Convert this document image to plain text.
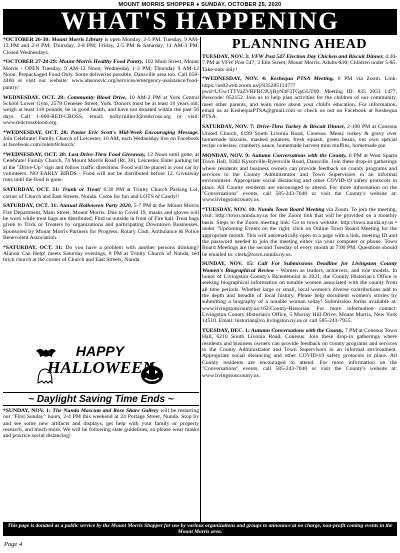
MOUNT MORRIS SHOPPER ♦ SUNDAY, OCTOBER 25, 2020
WHAT'S HAPPENING
*OCTOBER 26-30: Mount Morris Library is open Monday, 2-5 PM, Tuesday, 9 AM-12 PM and 2-8 PM; Thursday, 2-8 PM; Friday, 2-5 PM & Saturday, 11 AM-3 PM. Closed Wednesdays.
*OCTOBER 27-28-29: Mount Morris Healthy Food Pantry, 102 Main Street, Mount Morris - OPEN Tuesday, 9 AM-12 Noon; Wednesday 1-3 PM; Thursday 9 AM-12 Noon. Prepackaged Food Only. Some deliveries possible, Dansville area too. Call 658-4466 or visit our website: www.absonsvlc.org/services/emergency-assistance/food-pantry/
WEDNESDAY, OCT. 28: Community Blood Drive, 10 AM-2 PM at York Central School Lower Gym, 2578 Genesee Street, York. Donors must be at least 16 years old, weigh at least 110 pounds, be in good health, and have not donated within the past 56 days. Call 1-800-RED-CROSS, email: holly.miller3@redcross.org or visit: www.redcrossblood.org.
*WEDNESDAY, OCT. 28: Pastor Eric Scott's Mid-Week Encouraging Message. Join Celebrate! Family Church of Leicester, 10 AM, each Wednesday live on Facebook at facebook.com/celebr8church/.
*WEDNESDAY, OCT. 28: Last Drive-Thru Food Giveaway, 12 Noon until gone, at Celebrate! Family Church, 74 Mount Morris Road (Rt. 36), Leicester. Enter parking lot at the "Drive-Up" sign and follow traffic directions. Food will be placed in your car by volunteers. NO EARLY BIRDS - Food will not be distributed before 12. Giveaway runs until the food is gone.
SATURDAY, OCT. 31: Trunk or Treat! 6:30 PM at Trinity Church Parking Lot, corner of Church and East Streets, Nunda. Come for fun and LOTS of Candy!!
SATURDAY, OCT. 31: Annual Halloween Party 2020, 5-7 PM at the Mount Morris Fire Department, Main Street, Mount Morris. Due to Covid 19, masks and gloves will be worn while treat bags are distributed. Find us outside in front of Fire hall. Treat bags given to Trick or Treaters by organizations and participating Downtown Businesses. Sponsored by Mount Morris Partners for Progress, Rotary Club, Ambulance & Police Benevolent Association.
*SATURDAY, OCT. 31: Do you have a problem with another persons drinking? Alanon Can Help! meets Saturday evenings, 8 PM at Trinity Church of Nunda, red brick church at the corner of Church and East Streets, Nunda.
HAPPY
HALLOWEEN
~ Daylight Saving Time Ends ~
*SUNDAY, NOV. 1: The Nunda Mascum and Rose Share Gallery will be restarting our "First Sunday" hours, 2-4 PM this weekend at 24 Portage Street, Nunda. Stop by and see some new artifacts and displays, get help with your family or property research, and much more. We will be following state guidelines, so please wear masks and practice social distancing!
PLANNING AHEAD
TUESDAY, NOV. 3: VFW Post 547 Election Day Chicken and Biscuit Dinner, 4:30-7 PM at VFW Post 547, 3 Elm Street, Mount Morris. Adults-$10; Children under 5-$5. Take-outs only!
*WEDNESDAY, NOV. 4: Keshequa PTSA Meeting, 6 PM via Zoom. Link: https://us02web.zoom.us/j/83528511477?pwd=UGw1TTVaZVRFRC9UjByN3F3TGpGUT09. Meeting ID: 835 2851 1477, Passcode: 052152. Join us to help plan activities for the children of our community, meet other parents, and learn more about your child's education. For information, email us at KeshequaPTSA@gmail.com or check us out on Facebook at Keshequa PTSA.
SATURDAY, NOV. 7: Drive-Thru Turkey & Biscuit Dinner, 2-100 PM at Conesus United Church, 6199 South Livonia Road, Conesus. Menu: turkey & gravy over homemade biscuits, mashed potatoes, fresh squash, green beans, our own special recipe coleslaw, cranberry sauce, homemade harvest mini muffins, homemade pie.
MONDAY, NOV. 9: Autumn Conversations with the County, 6 PM at West Sparta Town Hall, 8302 Kysorville-Byersville Road, Dansville. Join these drop-in gatherings where residents and business owners can provide feedback on county programs and services to the County Administrator and Town Supervisors in an informal environment. Appropriate social distancing and other COVID-19 safety protocols in place. All County residents are encouraged to attend. For more information on the "Conversations" events, call 585-243-7040 or visit the County's website at: www.livingstoncounty.us.
*TUESDAY, NOV. 10: Nunda Town Board Meeting via Zoom. To join the meeting, visit: http://town.nunda.ny.us for the Zoom link that will be provided on a monthly basis. Steps to the Zoom meeting link: Go to town website: http://town.nunda.ny.us • under "Upcoming Events on the right, click on Online Town Board Meeting for the appropriate month. This will automatically open to a page with a link, meeting ID and the password needed to join the meeting either via your computer or phone. Town Board Meetings are the second Tuesday of every month at 7:00 PM. Questions should be emailed to: clerk@town.nunda.ny.us.
SUNDAY, NOV. 15: Call For Submissions Deadline for Livingston County Women's Biographical Review - Women as leaders, achievers, and role models. In honor of Livingston County's Bicentennial in 2021, the County Historian's Office is seeking biographical information on notable women associated with the county from all time periods. Whether large or small, local women's diverse contributions add to the depth and breadth of local history. Please help document women's stories by submitting a biography of a notable woman today! Submission forms available at: www.livingstoncounty.us/162/County-Historian. For more information contact: Livingston County Historian's Office, 5 Murray Hill Drive, Mount Morris, New York 14510. Email: historian@co.livingston.ny.us or call 585-243-7955.
TUESDAY, DEC. 1: Autumn Conversations with the County, 7 PM at Conesus Town Hall, 6210 South Livonia Road, Conesus. Join these drop-in gatherings where residents and business owners can provide feedback on county programs and services to the County Administrator and Town Supervisors in an informal environment. Appropriate social distancing and other COVID-19 safety protocols in place. All County residents are encouraged to attend. For more information on the "Conversations" events, call 585-243-7040 or visit the County's website at: www.livingstoncounty.us.
This page is donated as a public service by the Mount Morris Shopper for use by various organizations and groups to announce at no charge, non-profit coming events in the Mount Morris area.
Page 4
